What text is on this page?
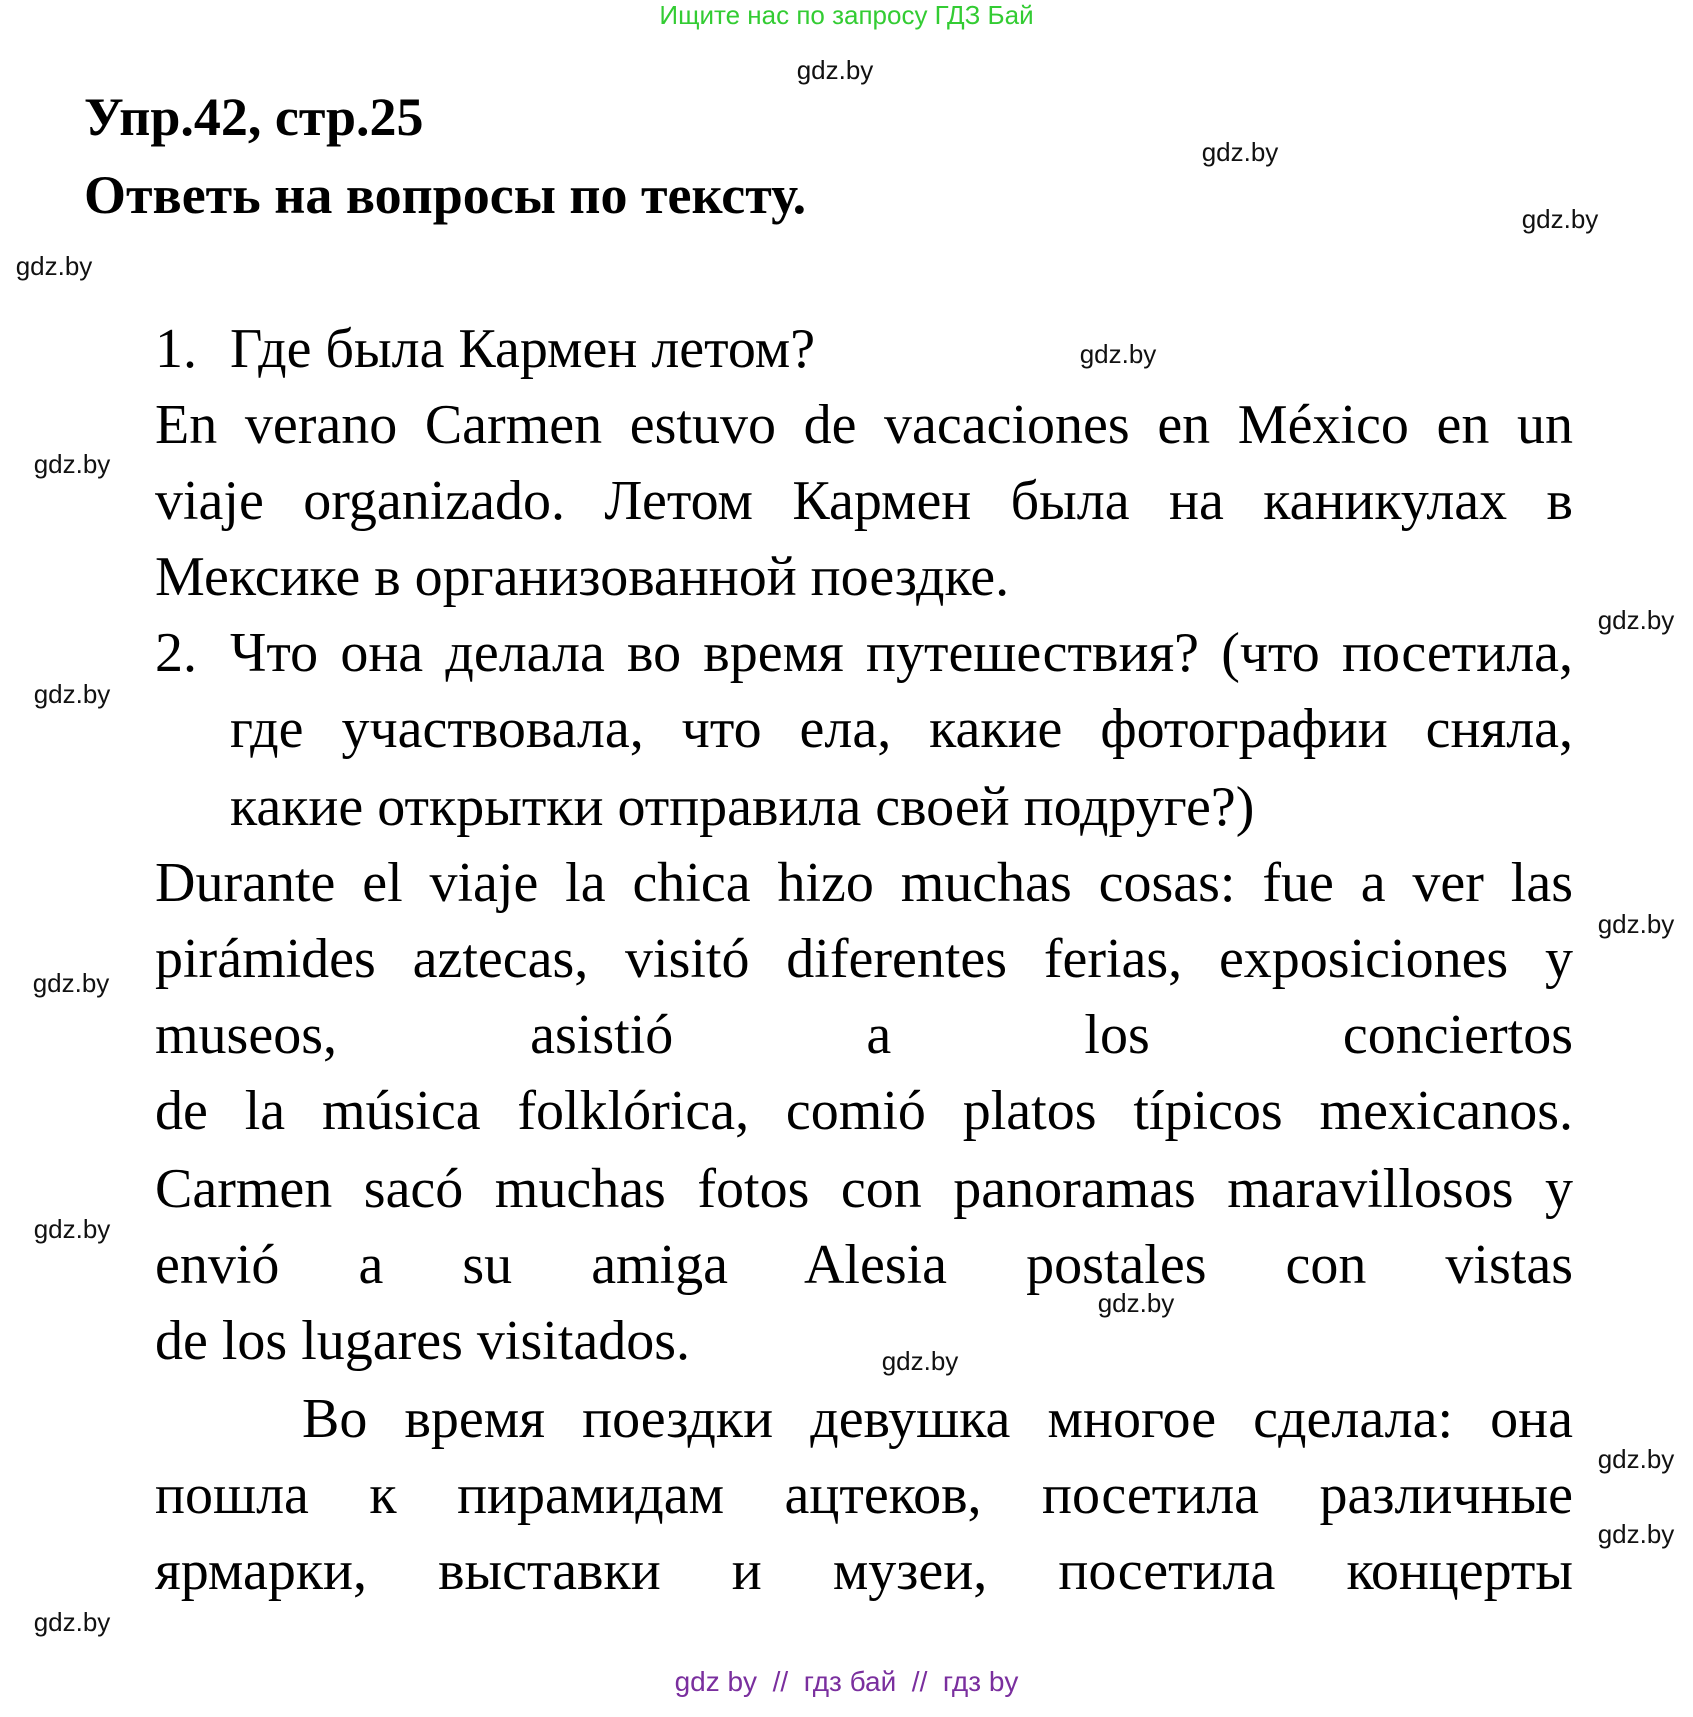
Ищите нас по запросу ГДЗ Бай
Упр.42, стр.25
Ответь на вопросы по тексту.
1. Где была Кармен летом?
En verano Carmen estuvo de vacaciones en México en un
viaje organizado. Летом Кармен была на каникулах в
Мексике в организованной поездке.
2. Что она делала во время путешествия? (что посетила,
где участвовала, что ела, какие фотографии сняла,
какие открытки отправила своей подруге?)
Durante el viaje la chica hizo muchas cosas: fue a ver las
pirámides aztecas, visitó diferentes ferias, exposiciones y
museos, asistió a los conciertos
de la música folklórica, comió platos típicos mexicanos.
Carmen sacó muchas fotos con panoramas maravillosos y
envió a su amiga Alesia postales con vistas
de los lugares visitados.
Во время поездки девушка многое сделала: она
пошла к пирамидам ацтеков, посетила различные
ярмарки, выставки и музеи, посетила концерты
gdz.by
gdz.by
gdz.by
gdz.by
gdz.by
gdz.by
gdz.by
gdz.by
gdz.by
gdz.by
gdz.by
gdz.by
gdz.by
gdz.by
gdz.by
gdz.by
gdz by  //  гдз бай  //  гдз by
